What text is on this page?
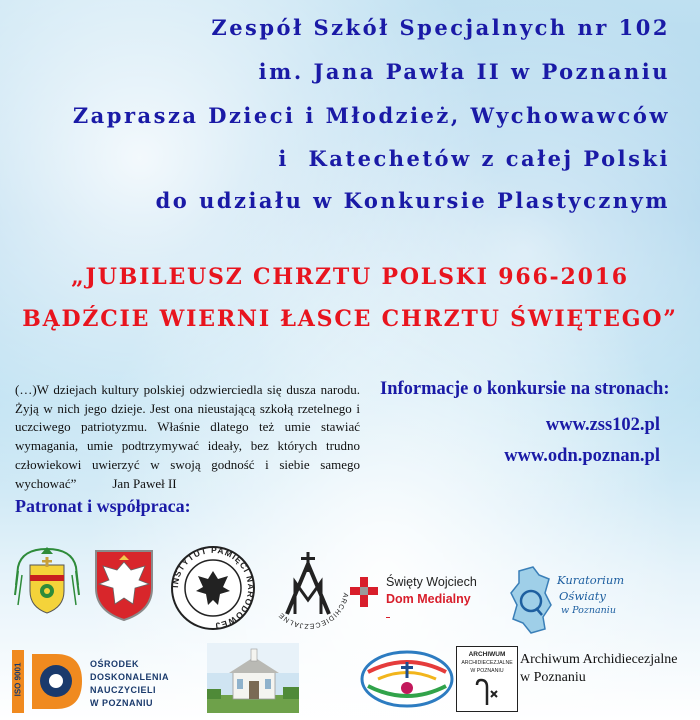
Zespół Szkół Specjalnych nr 102
im. Jana Pawła II w Poznaniu
Zaprasza Dzieci i Młodzież, Wychowawców
i  Katechetów z całej Polski
do udziału w Konkursie Plastycznym
„JUBILEUSZ CHRZTU POLSKI 966-2016
BĄDŹCIE WIERNI ŁASCE CHRZTU ŚWIĘTEGO”
(…)W dziejach kultury polskiej odzwierciedla się dusza narodu. Żyją w nich jego dzieje. Jest ona nieustającą szkołą rzetelnego i uczciwego patriotyzmu. Właśnie dlatego też umie stawiać wymagania, umie podtrzymywać ideały, bez których trudno człowiekowi uwierzyć w swoją godność i siebie samego wychować”	Jan Paweł II
Informacje o konkursie na stronach:
www.zss102.pl
www.odn.poznan.pl
Patronat i współpraca:
INSTYTUT PAMIĘCI NARODOWEJ
ARCHIDIECEZJALNE
Święty Wojciech
Dom Medialny
Kuratorium
Oświaty
w Poznaniu
ISO 9001	OŚRODEK
DOSKONALENIA
NAUCZYCIELI
W POZNANIU
ARCHIWUM
ARCHIDIECEZJALNE
W POZNANIU
Archiwum Archidiecezjalne
w Poznaniu
